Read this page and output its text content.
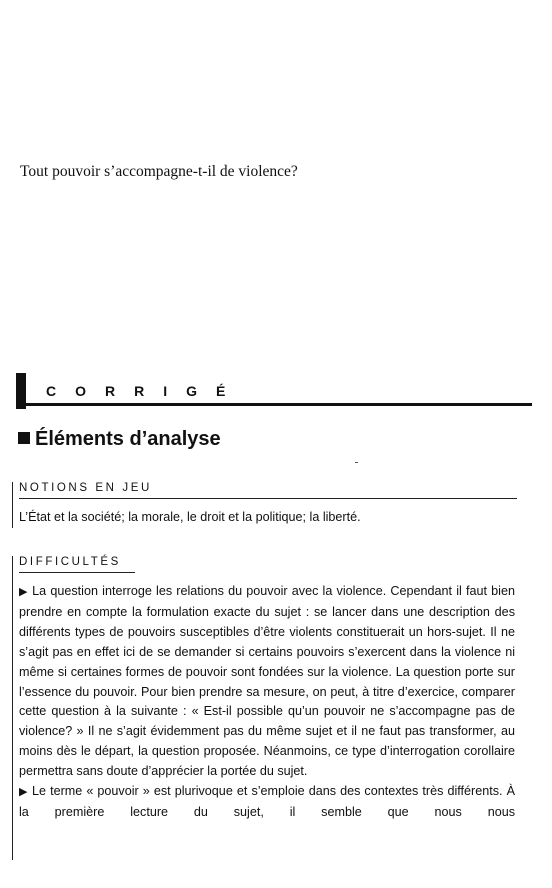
Tout pouvoir s’accompagne-t-il de violence?
CORRIGÉ
Éléments d’analyse
NOTIONS EN JEU
L’État et la société; la morale, le droit et la politique; la liberté.
DIFFICULTÉS
▶ La question interroge les relations du pouvoir avec la violence. Cependant il faut bien prendre en compte la formulation exacte du sujet : se lancer dans une description des différents types de pouvoirs susceptibles d’être violents constituerait un hors-sujet. Il ne s’agit pas en effet ici de se demander si certains pouvoirs s’exercent dans la violence ni même si certaines formes de pouvoir sont fondées sur la violence. La question porte sur l’essence du pouvoir. Pour bien prendre sa mesure, on peut, à titre d’exercice, comparer cette question à la suivante : « Est-il possible qu’un pouvoir ne s’accompagne pas de violence? » Il ne s’agit évidemment pas du même sujet et il ne faut pas transformer, au moins dès le départ, la question proposée. Néanmoins, ce type d’interrogation corollaire permettra sans doute d’apprécier la portée du sujet.
▶ Le terme « pouvoir » est plurivoque et s’emploie dans des contextes très différents. À la première lecture du sujet, il semble que nous nous
